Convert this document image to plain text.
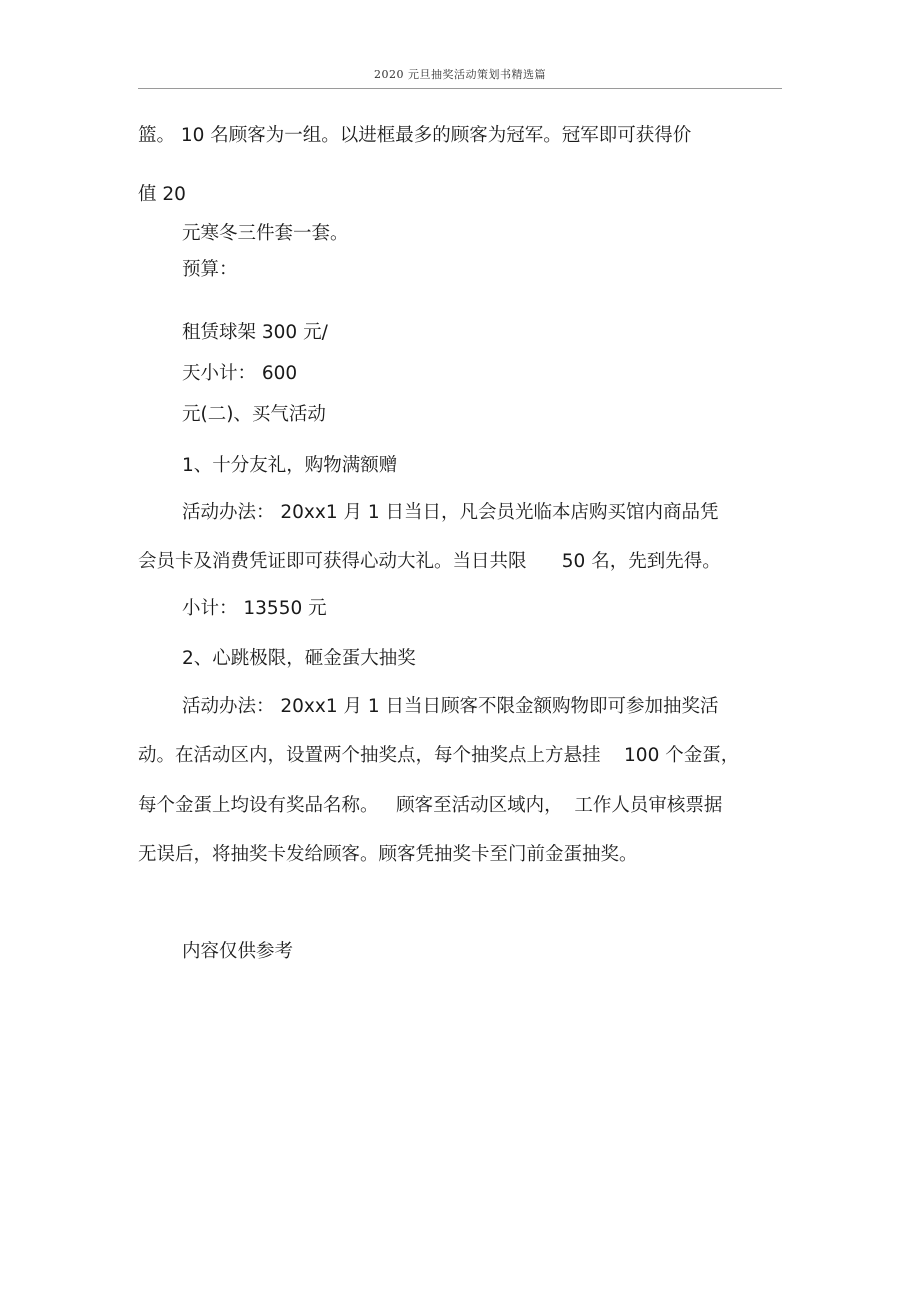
2020 元旦抽奖活动策划书精选篇
篮。 10 名顾客为一组。以进框最多的顾客为冠军。冠军即可获得价
值 20
元寒冬三件套一套。
预算：
租赁球架 300 元/
天小计： 600
元(二)、买气活动
1、十分友礼，购物满额赠
活动办法： 20xx1 月 1 日当日，凡会员光临本店购买馆内商品凭
会员卡及消费凭证即可获得心动大礼。当日共限      50 名，先到先得。
小计： 13550 元
2、心跳极限，砸金蛋大抽奖
活动办法： 20xx1 月 1 日当日顾客不限金额购物即可参加抽奖活
动。在活动区内，设置两个抽奖点，每个抽奖点上方悬挂    100 个金蛋，
每个金蛋上均设有奖品名称。   顾客至活动区域内，  工作人员审核票据
无误后，将抽奖卡发给顾客。顾客凭抽奖卡至门前金蛋抽奖。
内容仅供参考
